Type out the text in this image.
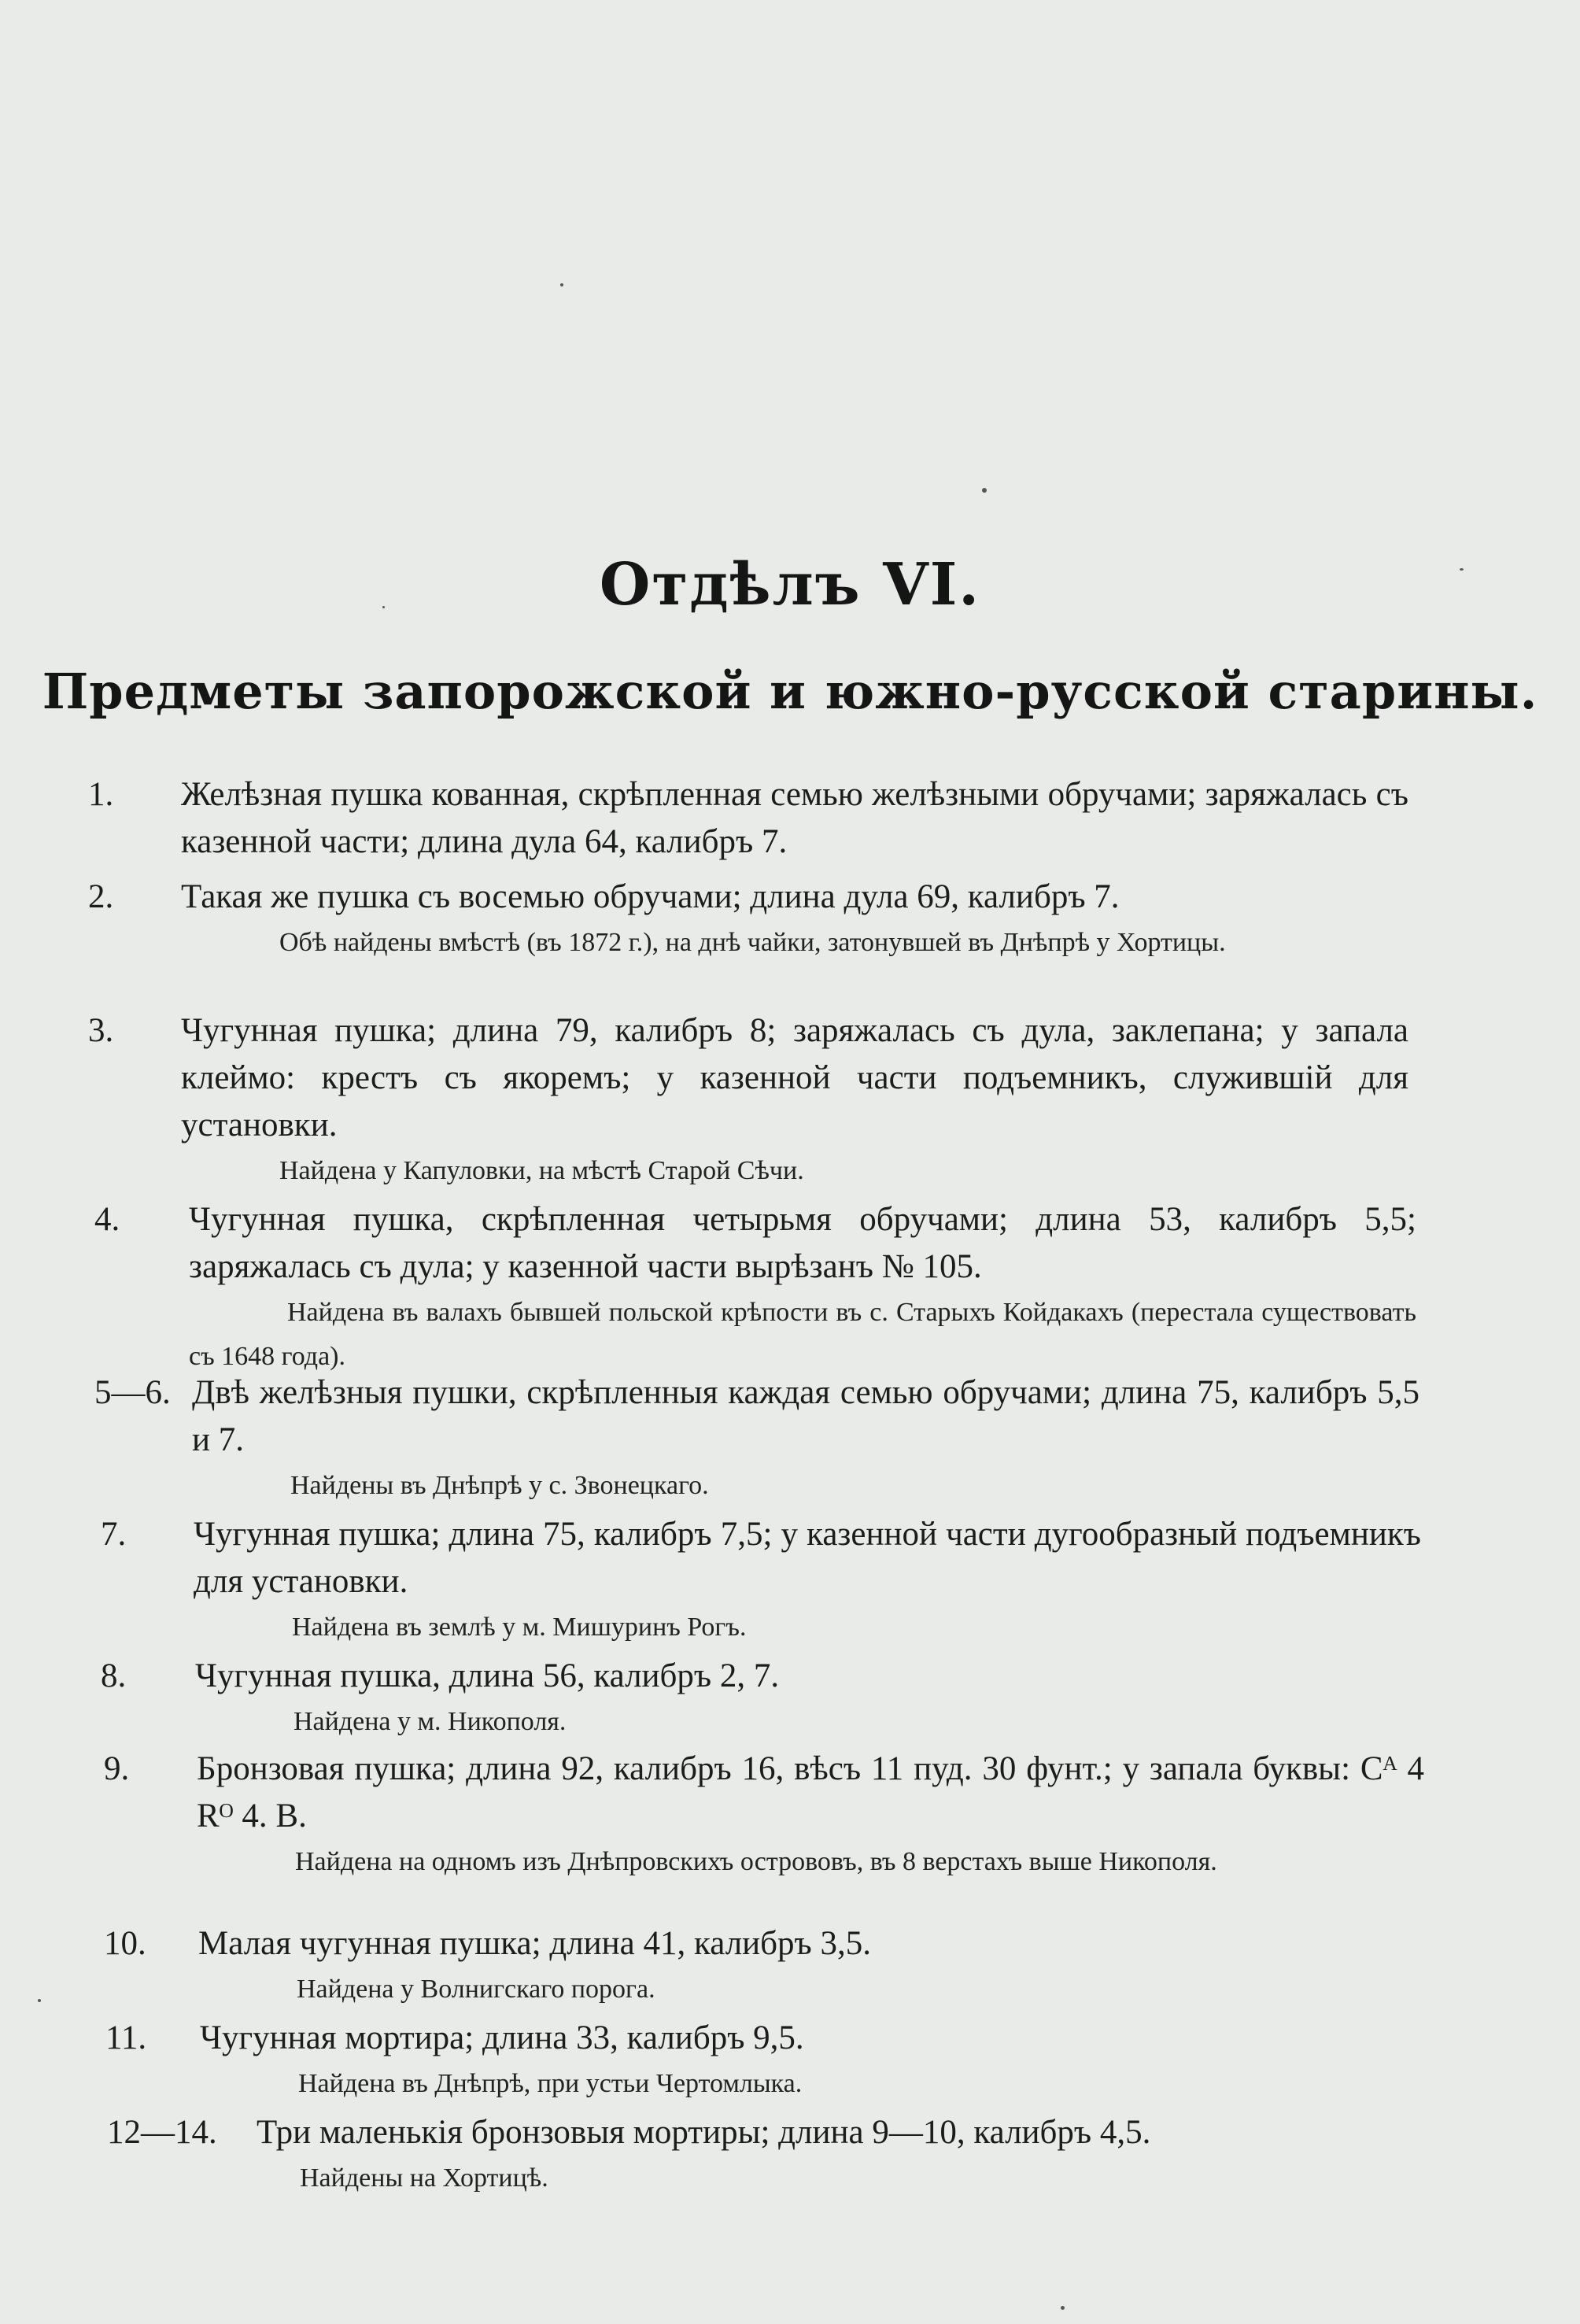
Отдѣлъ VI.
Предметы запорожской и южно-русской старины.
1. Желѣзная пушка кованная, скрѣпленная семью желѣзными обручами; заряжалась съ казенной части; длина дула 64, калибръ 7.
2. Такая же пушка съ восемью обручами; длина дула 69, калибръ 7.
Обѣ найдены вмѣстѣ (въ 1872 г.), на днѣ чайки, затонувшей въ Днѣпрѣ у Хортицы.
3. Чугунная пушка; длина 79, калибръ 8; заряжалась съ дула, заклепана; у запала клеймо: крестъ съ якоремъ; у казенной части подъемникъ, служившій для установки.
Найдена у Капуловки, на мѣстѣ Старой Сѣчи.
4. Чугунная пушка, скрѣпленная четырьмя обручами; длина 53, калибръ 5,5; заряжалась съ дула; у казенной части вырѣзанъ № 105.
Найдена въ валахъ бывшей польской крѣпости въ с. Старыхъ Койдакахъ (перестала существовать съ 1648 года).
5—6. Двѣ желѣзныя пушки, скрѣпленныя каждая семью обручами; длина 75, калибръ 5,5 и 7.
Найдены въ Днѣпрѣ у с. Звонецкаго.
7. Чугунная пушка; длина 75, калибръ 7,5; у казенной части дугообразный подъемникъ для установки.
Найдена въ землѣ у м. Мишуринъ Рогъ.
8. Чугунная пушка, длина 56, калибръ 2, 7.
Найдена у м. Никополя.
9. Бронзовая пушка; длина 92, калибръ 16, вѣсъ 11 пуд. 30 фунт.; у запала буквы: Cᴬ 4 Rᴼ 4. B.
Найдена на одномъ изъ Днѣпровскихъ острововъ, въ 8 верстахъ выше Никополя.
10. Малая чугунная пушка; длина 41, калибръ 3,5.
Найдена у Волнигскаго порога.
11. Чугунная мортира; длина 33, калибръ 9,5.
Найдена въ Днѣпрѣ, при устьи Чертомлыка.
12—14. Три маленькія бронзовыя мортиры; длина 9—10, калибръ 4,5.
Найдены на Хортицѣ.
